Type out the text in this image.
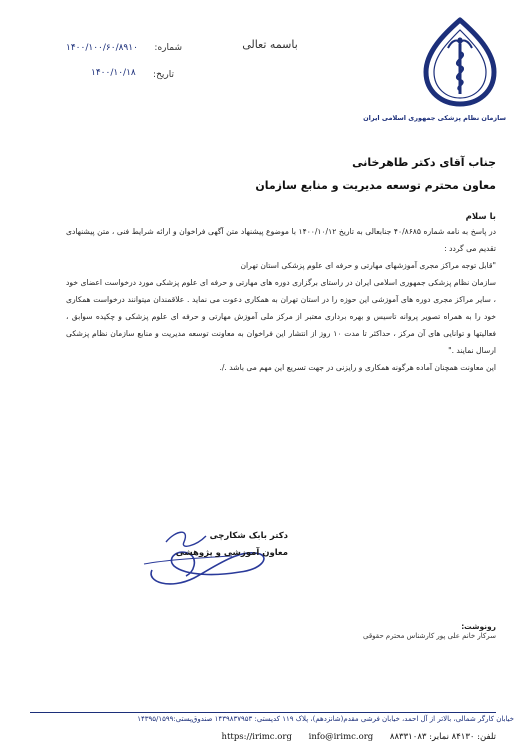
سازمان نظام پزشکی جمهوری اسلامی ایران
باسمه تعالی
شماره:
۱۴۰۰/۱۰۰/۶۰/۸۹۱۰
تاریخ:
۱۴۰۰/۱۰/۱۸
جناب آقای دکتر طاهرخانی
معاون محترم توسعه مدیریت و منابع سازمان
با سلام

در پاسخ به نامه شماره ۴۰/۸۶۸۵ جنابعالی به تاریخ ۱۴۰۰/۱۰/۱۲ با موضوع پیشنهاد متن آگهی فراخوان و ارائه شرایط فنی ، متن پیشنهادی تقدیم می گردد :

"قابل توجه مراکز مجری آموزشهای مهارتی و حرفه ای علوم پزشکی استان تهران

سازمان نظام پزشکی جمهوری اسلامی ایران در راستای برگزاری دوره های مهارتی و حرفه ای علوم پزشکی مورد درخواست اعضای خود ، سایر مراکز مجری دوره های آموزشی این حوزه را در استان تهران به همکاری دعوت می نماید . علاقمندان میتوانند درخواست همکاری خود را به همراه تصویر پروانه تاسیس و بهره برداری معتبر از مرکز ملی آموزش مهارتی و حرفه ای علوم پزشکی و چکیده سوابق ، فعالیتها و توانایی های آن مرکز ، حداکثر تا مدت ۱۰ روز از انتشار این فراخوان به معاونت توسعه مدیریت و منابع سازمان نظام پزشکی ارسال نمایند ."

این معاونت همچنان آماده هرگونه همکاری و رایزنی در جهت تسریع این مهم می باشد ./.

دکتر بابک شکارچی
معاون آموزشی و پژوهشی
رونوشت:
سرکار خانم علی پور کارشناس محترم حقوقی
خیابان کارگر شمالی، بالاتر از آل احمد، خیابان فرشی مقدم(شانزدهم)، پلاک ۱۱۹ کدپستی: ۱۴۳۹۸۳۷۹۵۳ صندوق‌پستی:۱۴۳۹۵/۱۵۹۹
تلفن: ۸۴۱۳۰ نمابر: ۸۸۳۳۱۰۸۳ https://irimc.org info@irimc.org
